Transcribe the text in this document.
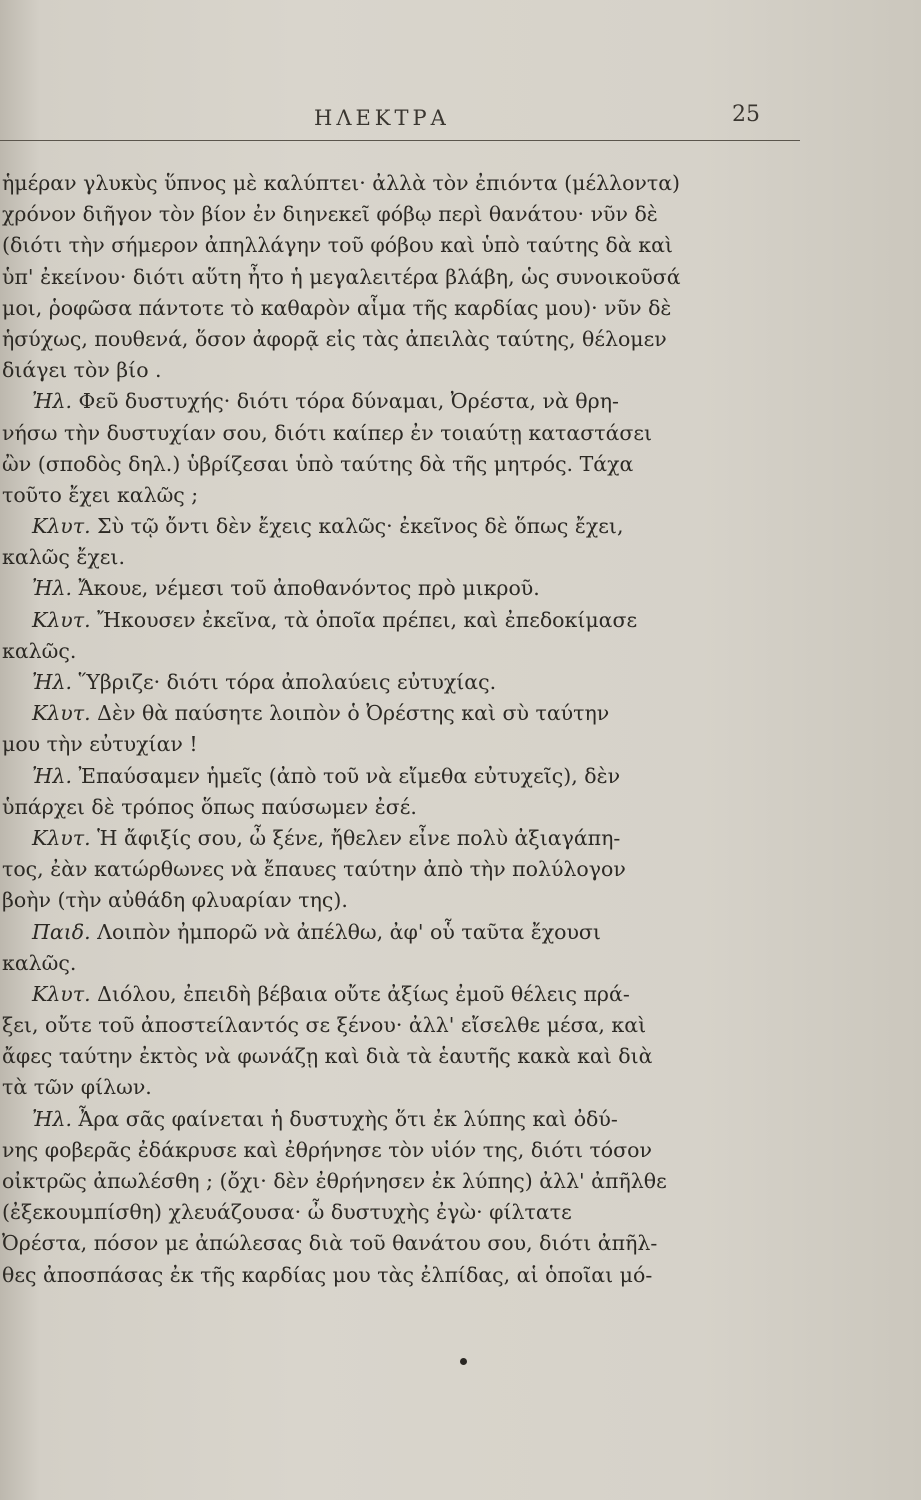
ΗΛΕΚΤΡΑ	25
ἡμέραν γλυκὺς ὕπνος μὲ καλύπτει· ἀλλὰ τὸν ἐπιόντα (μέλλοντα)
χρόνον διῆγον τὸν βίον ἐν διηνεκεῖ φόβῳ περὶ θανάτου· νῦν δὲ
(διότι τὴν σήμερον ἀπηλλάγην τοῦ φόβου καὶ ὑπὸ ταύτης δὰ καὶ
ὑπ' ἐκείνου· διότι αὕτη ἦτο ἡ μεγαλειτέρα βλάβη, ὡς συνοικοῦσά
μοι, ῥοφῶσα πάντοτε τὸ καθαρὸν αἷμα τῆς καρδίας μου)· νῦν δὲ
ἡσύχως, πουθενά, ὅσον ἀφορᾷ εἰς τὰς ἀπειλὰς ταύτης, θέλομεν
διάγει τὸν βίο .
Ἠλ. Φεῦ δυστυχής· διότι τόρα δύναμαι, Ὀρέστα, νὰ θρη-
νήσω τὴν δυστυχίαν σου, διότι καίπερ ἐν τοιαύτῃ καταστάσει
ὢν (σποδὸς δηλ.) ὑβρίζεσαι ὑπὸ ταύτης δὰ τῆς μητρός. Τάχα
τοῦτο ἔχει καλῶς ;
Κλυτ. Σὺ τῷ ὄντι δὲν ἔχεις καλῶς· ἐκεῖνος δὲ ὅπως ἔχει,
καλῶς ἔχει.
Ἠλ. Ἄκουε, νέμεσι τοῦ ἀποθανόντος πρὸ μικροῦ.
Κλυτ. Ἤκουσεν ἐκεῖνα, τὰ ὁποῖα πρέπει, καὶ ἐπεδοκίμασε
καλῶς.
Ἠλ. Ὕβριζε· διότι τόρα ἀπολαύεις εὐτυχίας.
Κλυτ. Δὲν θὰ παύσητε λοιπὸν ὁ Ὀρέστης καὶ σὺ ταύτην
μου τὴν εὐτυχίαν !
Ἠλ. Ἐπαύσαμεν ἡμεῖς (ἀπὸ τοῦ νὰ εἴμεθα εὐτυχεῖς), δὲν
ὑπάρχει δὲ τρόπος ὅπως παύσωμεν ἐσέ.
Κλυτ. Ἡ ἄφιξίς σου, ὦ ξένε, ἤθελεν εἶνε πολὺ ἀξιαγάπη-
τος, ἐὰν κατώρθωνες νὰ ἔπαυες ταύτην ἀπὸ τὴν πολύλογον
βοὴν (τὴν αὐθάδη φλυαρίαν της).
Παιδ. Λοιπὸν ἠμπορῶ νὰ ἀπέλθω, ἀφ' οὗ ταῦτα ἔχουσι
καλῶς.
Κλυτ. Διόλου, ἐπειδὴ βέβαια οὔτε ἀξίως ἐμοῦ θέλεις πρά-
ξει, οὔτε τοῦ ἀποστείλαντός σε ξένου· ἀλλ' εἴσελθε μέσα, καὶ
ἄφες ταύτην ἐκτὸς νὰ φωνάζῃ καὶ διὰ τὰ ἑαυτῆς κακὰ καὶ διὰ
τὰ τῶν φίλων.
Ἠλ. Ἆρα σᾶς φαίνεται ἡ δυστυχὴς ὅτι ἐκ λύπης καὶ ὀδύ-
νης φοβερᾶς ἐδάκρυσε καὶ ἐθρήνησε τὸν υἱόν της, διότι τόσον
οἰκτρῶς ἀπωλέσθη ; (ὄχι· δὲν ἐθρήνησεν ἐκ λύπης) ἀλλ' ἀπῆλθε
(ἐξεκουμπίσθη) χλευάζουσα· ὦ δυστυχὴς ἐγὼ· φίλτατε
Ὀρέστα, πόσον με ἀπώλεσας διὰ τοῦ θανάτου σου, διότι ἀπῆλ-
θες ἀποσπάσας ἐκ τῆς καρδίας μου τὰς ἐλπίδας, αἱ ὁποῖαι μό-
